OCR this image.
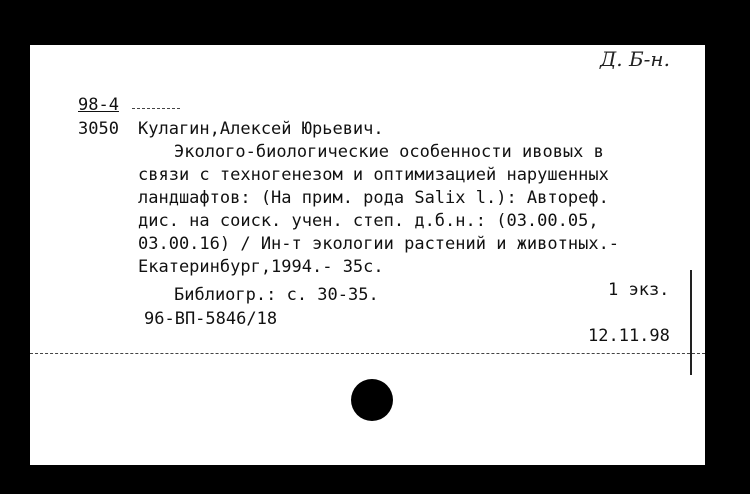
Д. Б-н.
98-4
3050 Кулагин,Алексей Юрьевич.
Эколого-биологические особенности ивовых в
связи с техногенезом и оптимизацией нарушенных
ландшафтов: (На прим. рода Salix l.): Автореф.
дис. на соиск. учен. степ. д.б.н.: (03.00.05,
03.00.16) / Ин-т экологии растений и животных.-
Екатеринбург,1994.- 35с.
Библиогр.: с. 30-35.	1 экз.
96-ВП-5846/18
12.11.98
